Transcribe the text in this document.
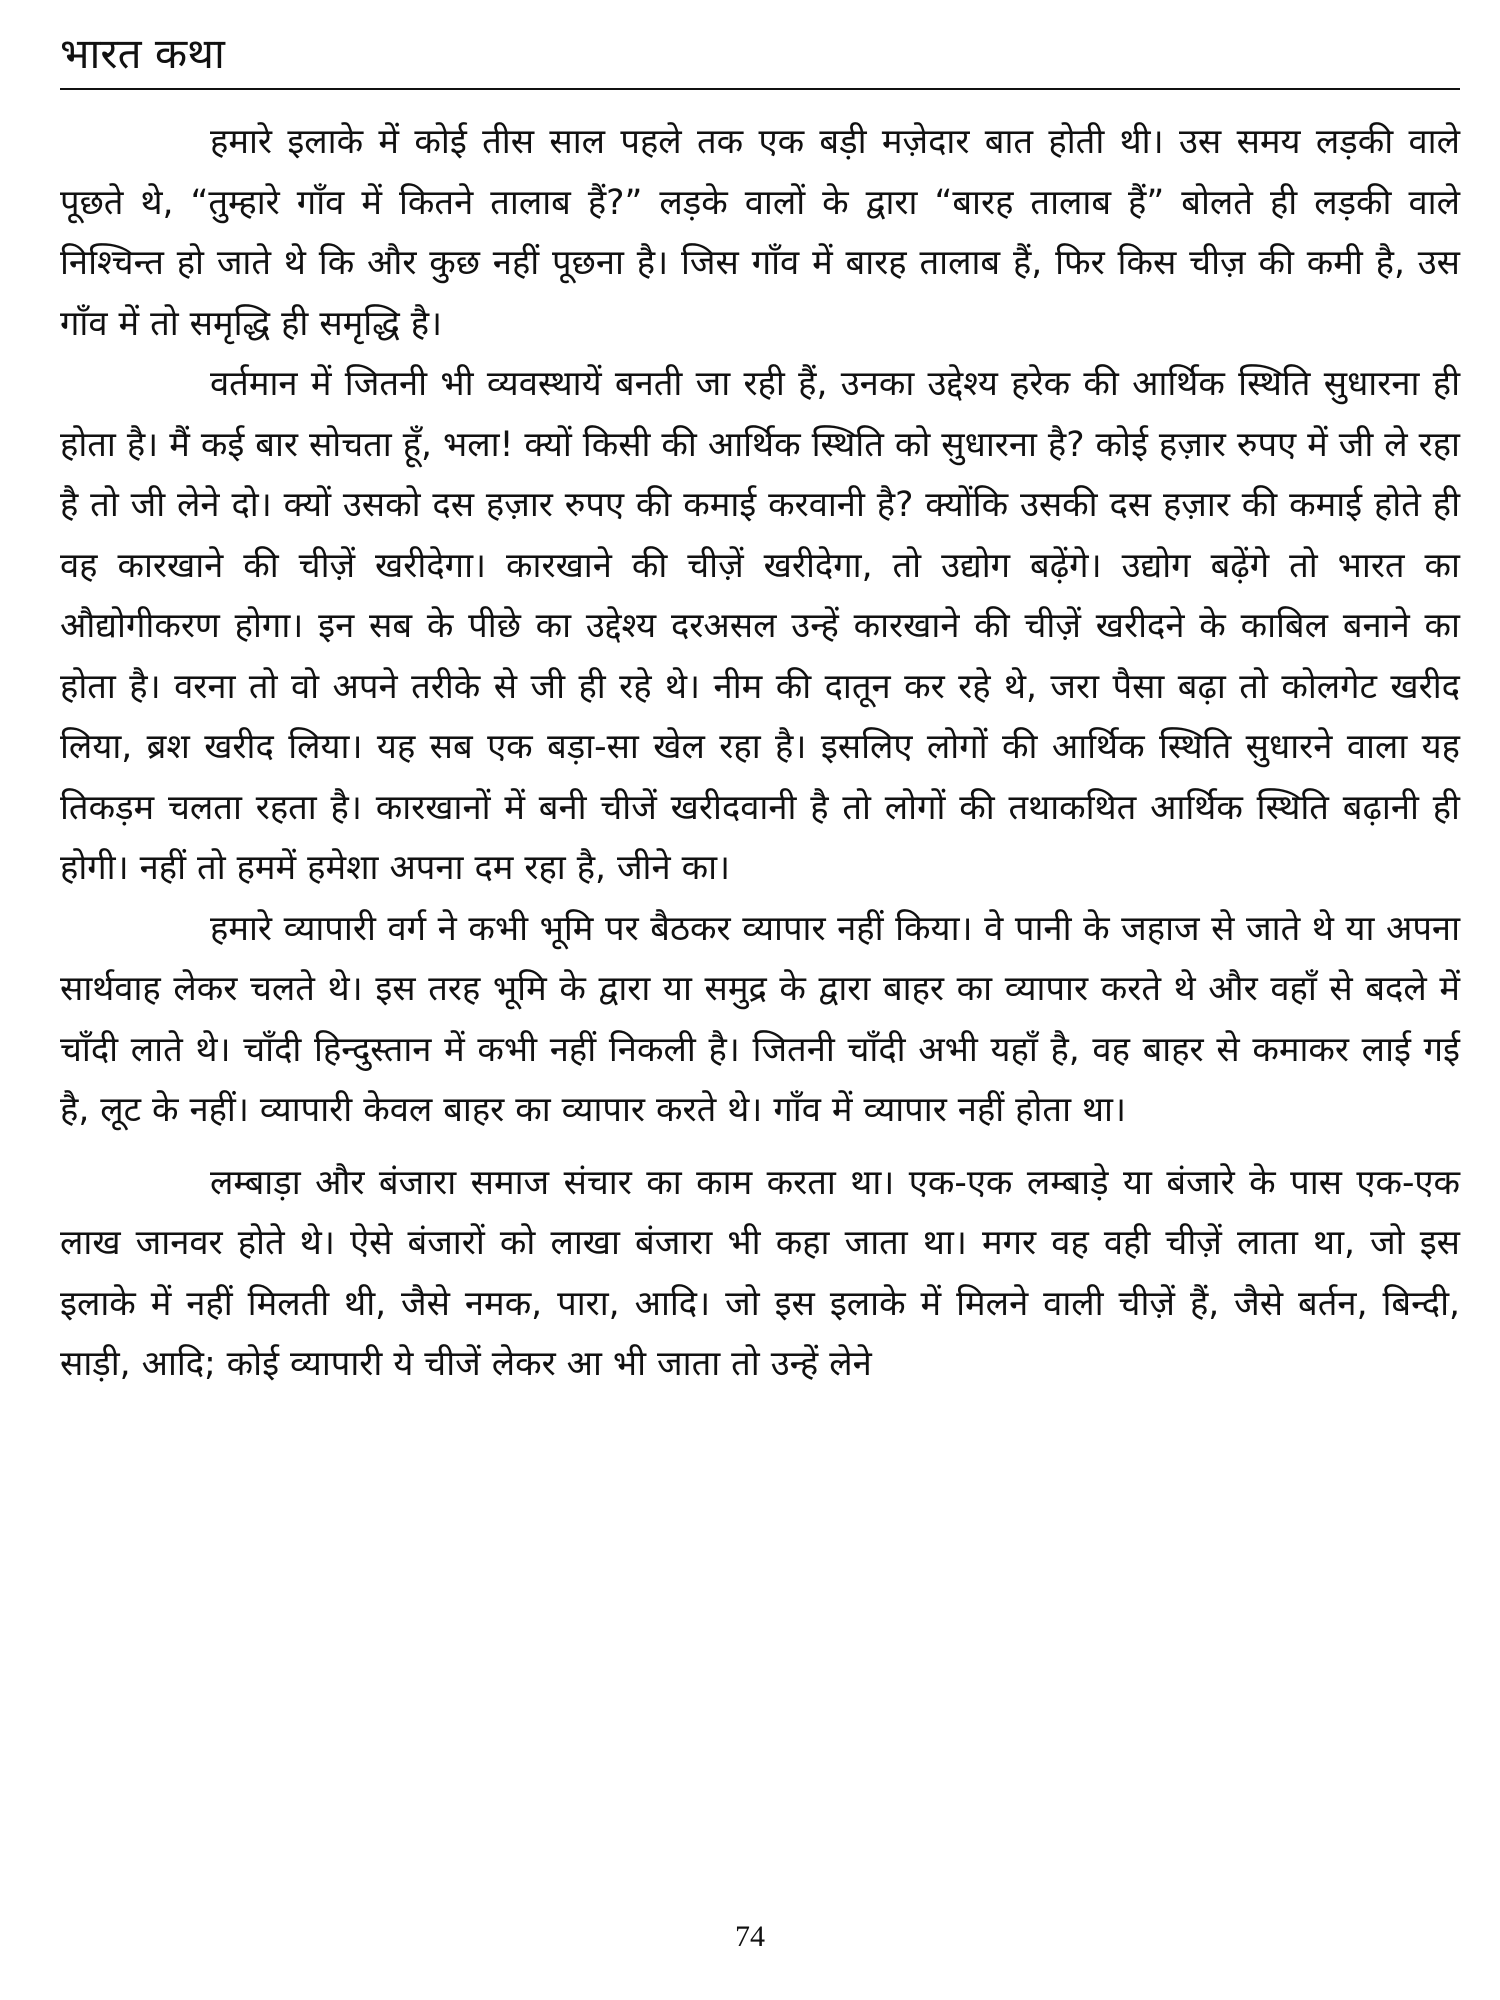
भारत कथा

हमारे इलाके में कोई तीस साल पहले तक एक बड़ी मज़ेदार बात होती थी। उस समय लड़की वाले पूछते थे, “तुम्हारे गाँव में कितने तालाब हैं?” लड़के वालों के द्वारा “बारह तालाब हैं” बोलते ही लड़की वाले निश्चिन्त हो जाते थे कि और कुछ नहीं पूछना है। जिस गाँव में बारह तालाब हैं, फिर किस चीज़ की कमी है, उस गाँव में तो समृद्धि ही समृद्धि है।

वर्तमान में जितनी भी व्यवस्थायें बनती जा रही हैं, उनका उद्देश्य हरेक की आर्थिक स्थिति सुधारना ही होता है। मैं कई बार सोचता हूँ, भला! क्यों किसी की आर्थिक स्थिति को सुधारना है? कोई हज़ार रुपए में जी ले रहा है तो जी लेने दो। क्यों उसको दस हज़ार रुपए की कमाई करवानी है? क्योंकि उसकी दस हज़ार की कमाई होते ही वह कारखाने की चीज़ें खरीदेगा। कारखाने की चीज़ें खरीदेगा, तो उद्योग बढ़ेंगे। उद्योग बढ़ेंगे तो भारत का औद्योगीकरण होगा। इन सब के पीछे का उद्देश्य दरअसल उन्हें कारखाने की चीज़ें खरीदने के काबिल बनाने का होता है। वरना तो वो अपने तरीके से जी ही रहे थे। नीम की दातून कर रहे थे, जरा पैसा बढ़ा तो कोलगेट खरीद लिया, ब्रश खरीद लिया। यह सब एक बड़ा-सा खेल रहा है। इसलिए लोगों की आर्थिक स्थिति सुधारने वाला यह तिकड़म चलता रहता है। कारखानों में बनी चीजें खरीदवानी है तो लोगों की तथाकथित आर्थिक स्थिति बढ़ानी ही होगी। नहीं तो हममें हमेशा अपना दम रहा है, जीने का।

हमारे व्यापारी वर्ग ने कभी भूमि पर बैठकर व्यापार नहीं किया। वे पानी के जहाज से जाते थे या अपना सार्थवाह लेकर चलते थे। इस तरह भूमि के द्वारा या समुद्र के द्वारा बाहर का व्यापार करते थे और वहाँ से बदले में चाँदी लाते थे। चाँदी हिन्दुस्तान में कभी नहीं निकली है। जितनी चाँदी अभी यहाँ है, वह बाहर से कमाकर लाई गई है, लूट के नहीं। व्यापारी केवल बाहर का व्यापार करते थे। गाँव में व्यापार नहीं होता था।

लम्बाड़ा और बंजारा समाज संचार का काम करता था। एक-एक लम्बाड़े या बंजारे के पास एक-एक लाख जानवर होते थे। ऐसे बंजारों को लाखा बंजारा भी कहा जाता था। मगर वह वही चीज़ें लाता था, जो इस इलाके में नहीं मिलती थी, जैसे नमक, पारा, आदि। जो इस इलाके में मिलने वाली चीज़ें हैं, जैसे बर्तन, बिन्दी, साड़ी, आदि; कोई व्यापारी ये चीजें लेकर आ भी जाता तो उन्हें लेने

74
